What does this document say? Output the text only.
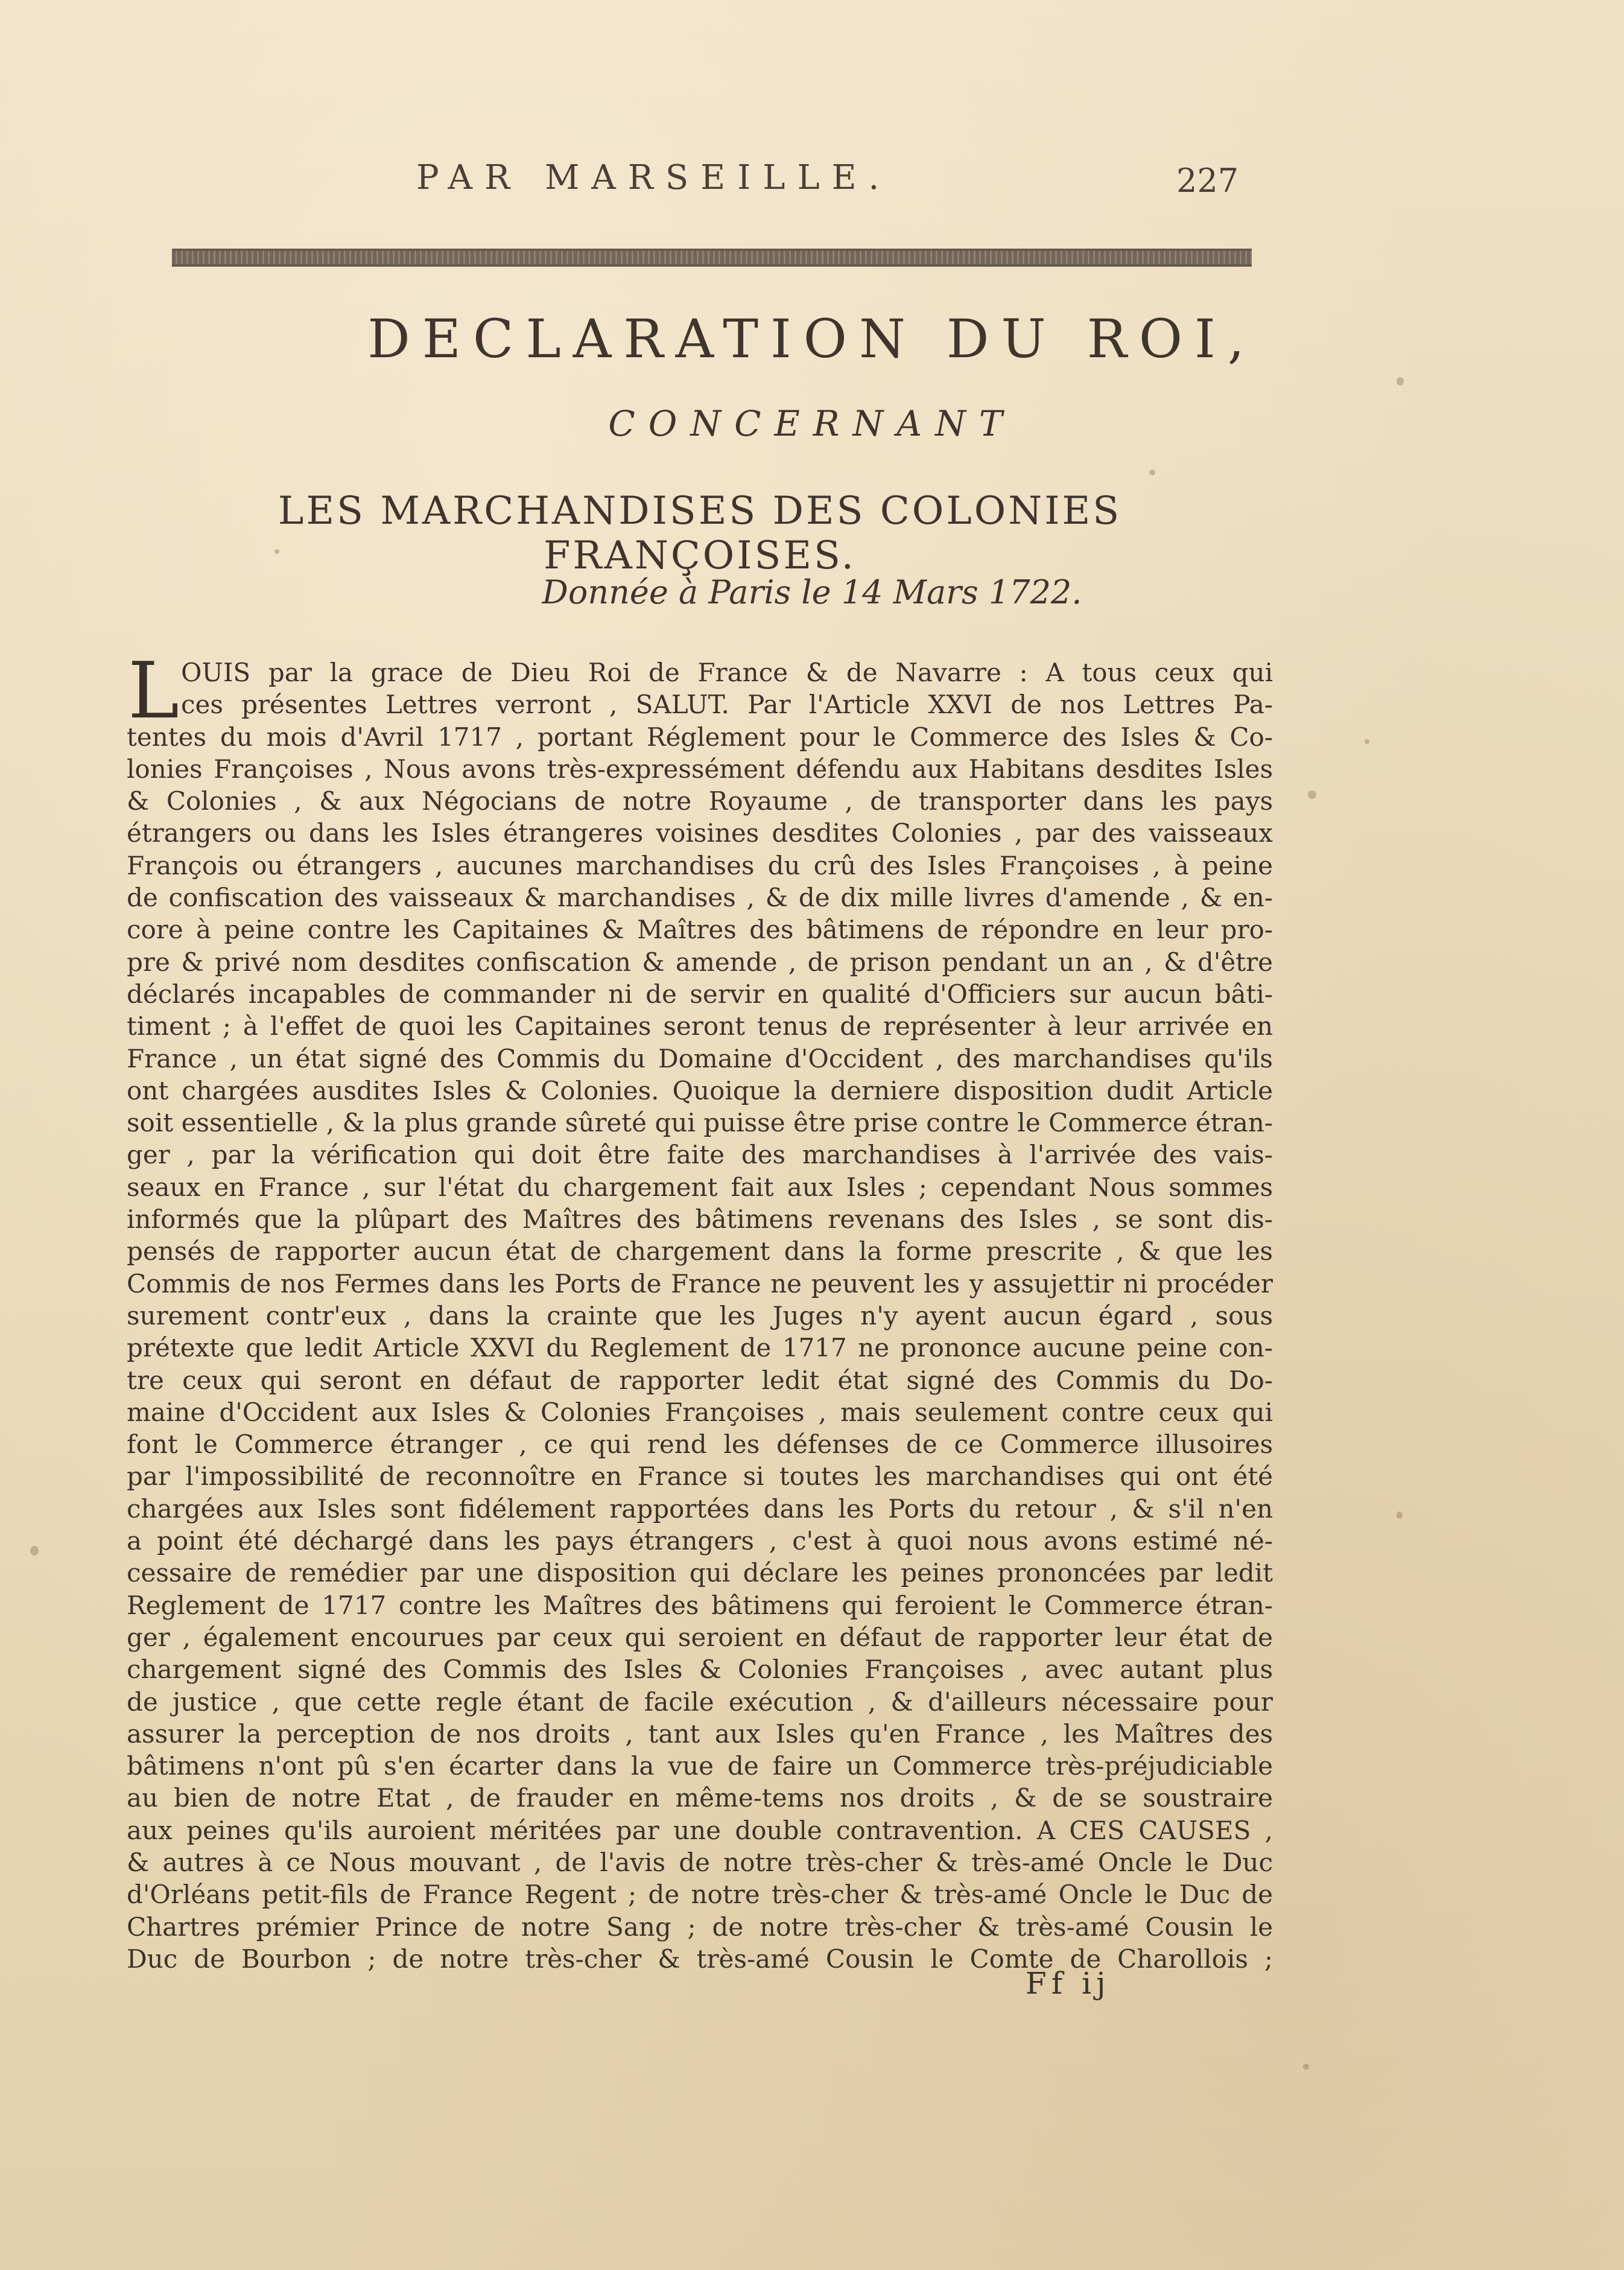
PAR MARSEILLE.	227
DECLARATION DU ROI,
CONCERNANT
LES MARCHANDISES DES COLONIES FRANÇOISES.
Donnée à Paris le 14 Mars 1722.
L OUIS par la grace de Dieu Roi de France & de Navarre : A tous ceux qui
ces présentes Lettres verront , SALUT. Par l'Article XXVI de nos Lettres Pa-
tentes du mois d'Avril 1717 , portant Réglement pour le Commerce des Isles & Co-
lonies Françoises , Nous avons très-expressément défendu aux Habitans desdites Isles
& Colonies , & aux Négocians de notre Royaume , de transporter dans les pays
étrangers ou dans les Isles étrangeres voisines desdites Colonies , par des vaisseaux
François ou étrangers , aucunes marchandises du crû des Isles Françoises , à peine
de confiscation des vaisseaux & marchandises , & de dix mille livres d'amende , & en-
core à peine contre les Capitaines & Maîtres des bâtimens de répondre en leur pro-
pre & privé nom desdites confiscation & amende , de prison pendant un an , & d'être
déclarés incapables de commander ni de servir en qualité d'Officiers sur aucun bâti-
timent ; à l'effet de quoi les Capitaines seront tenus de représenter à leur arrivée en
France , un état signé des Commis du Domaine d'Occident , des marchandises qu'ils
ont chargées ausdites Isles & Colonies. Quoique la derniere disposition dudit Article
soit essentielle , & la plus grande sûreté qui puisse être prise contre le Commerce étran-
ger , par la vérification qui doit être faite des marchandises à l'arrivée des vais-
seaux en France , sur l'état du chargement fait aux Isles ; cependant Nous sommes
informés que la plûpart des Maîtres des bâtimens revenans des Isles , se sont dis-
pensés de rapporter aucun état de chargement dans la forme prescrite , & que les
Commis de nos Fermes dans les Ports de France ne peuvent les y assujettir ni procéder
surement contr'eux , dans la crainte que les Juges n'y ayent aucun égard , sous
prétexte que ledit Article XXVI du Reglement de 1717 ne prononce aucune peine con-
tre ceux qui seront en défaut de rapporter ledit état signé des Commis du Do-
maine d'Occident aux Isles & Colonies Françoises , mais seulement contre ceux qui
font le Commerce étranger , ce qui rend les défenses de ce Commerce illusoires
par l'impossibilité de reconnoître en France si toutes les marchandises qui ont été
chargées aux Isles sont fidélement rapportées dans les Ports du retour , & s'il n'en
a point été déchargé dans les pays étrangers , c'est à quoi nous avons estimé né-
cessaire de remédier par une disposition qui déclare les peines prononcées par ledit
Reglement de 1717 contre les Maîtres des bâtimens qui feroient le Commerce étran-
ger , également encourues par ceux qui seroient en défaut de rapporter leur état de
chargement signé des Commis des Isles & Colonies Françoises , avec autant plus
de justice , que cette regle étant de facile exécution , & d'ailleurs nécessaire pour
assurer la perception de nos droits , tant aux Isles qu'en France , les Maîtres des
bâtimens n'ont pû s'en écarter dans la vue de faire un Commerce très-préjudiciable
au bien de notre Etat , de frauder en même-tems nos droits , & de se soustraire
aux peines qu'ils auroient méritées par une double contravention. A CES CAUSES ,
& autres à ce Nous mouvant , de l'avis de notre très-cher & très-amé Oncle le Duc
d'Orléans petit-fils de France Regent ; de notre très-cher & très-amé Oncle le Duc de
Chartres prémier Prince de notre Sang ; de notre très-cher & très-amé Cousin le
Duc de Bourbon ; de notre très-cher & très-amé Cousin le Comte de Charollois ;
Ff ij
